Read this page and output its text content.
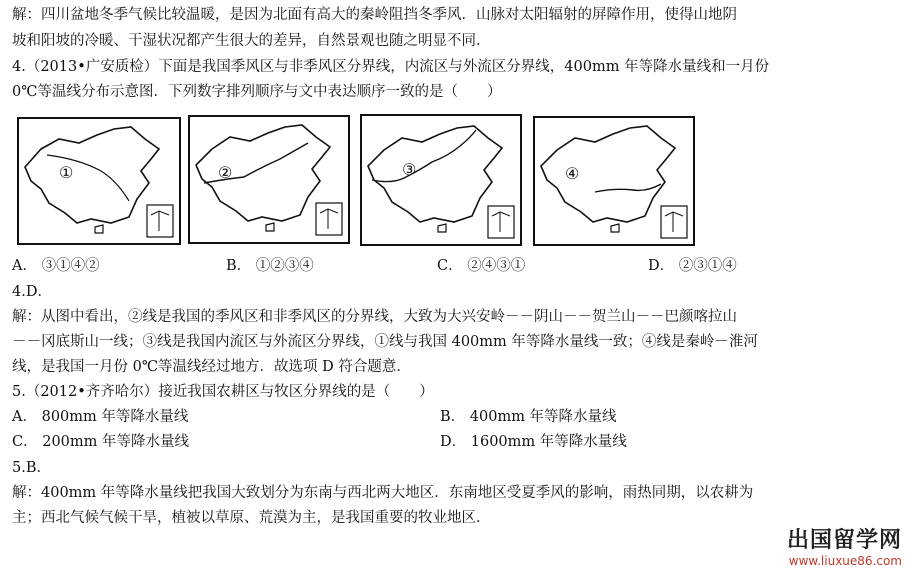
解：四川盆地冬季气候比较温暖，是因为北面有高大的秦岭阻挡冬季风．山脉对太阳辐射的屏障作用，使得山地阴
坡和阳坡的冷暖、干湿状况都产生很大的差异，自然景观也随之明显不同．
4.（2013•广安质检）下面是我国季风区与非季风区分界线，内流区与外流区分界线，400mm 年等降水量线和一月份
0℃等温线分布示意图．下列数字排列顺序与文中表达顺序一致的是（　　）
①	②	③	④
A． ③①④②	B． ①②③④	C． ②④③①	D． ②③①④
4.D．
解：从图中看出，②线是我国的季风区和非季风区的分界线，大致为大兴安岭－－阴山－－贺兰山－－巴颜喀拉山
－－冈底斯山一线；③线是我国内流区与外流区分界线，①线与我国 400mm 年等降水量线一致；④线是秦岭－淮河
线，是我国一月份 0℃等温线经过地方．故选项 D 符合题意．
5.（2012•齐齐哈尔）接近我国农耕区与牧区分界线的是（　　）
A． 800mm 年等降水量线	B． 400mm 年等降水量线
C． 200mm 年等降水量线	D． 1600mm 年等降水量线
5.B．
解：400mm 年等降水量线把我国大致划分为东南与西北两大地区．东南地区受夏季风的影响，雨热同期，以农耕为
主；西北气候气候干旱，植被以草原、荒漠为主，是我国重要的牧业地区．
出国留学网
www.liuxue86.com
